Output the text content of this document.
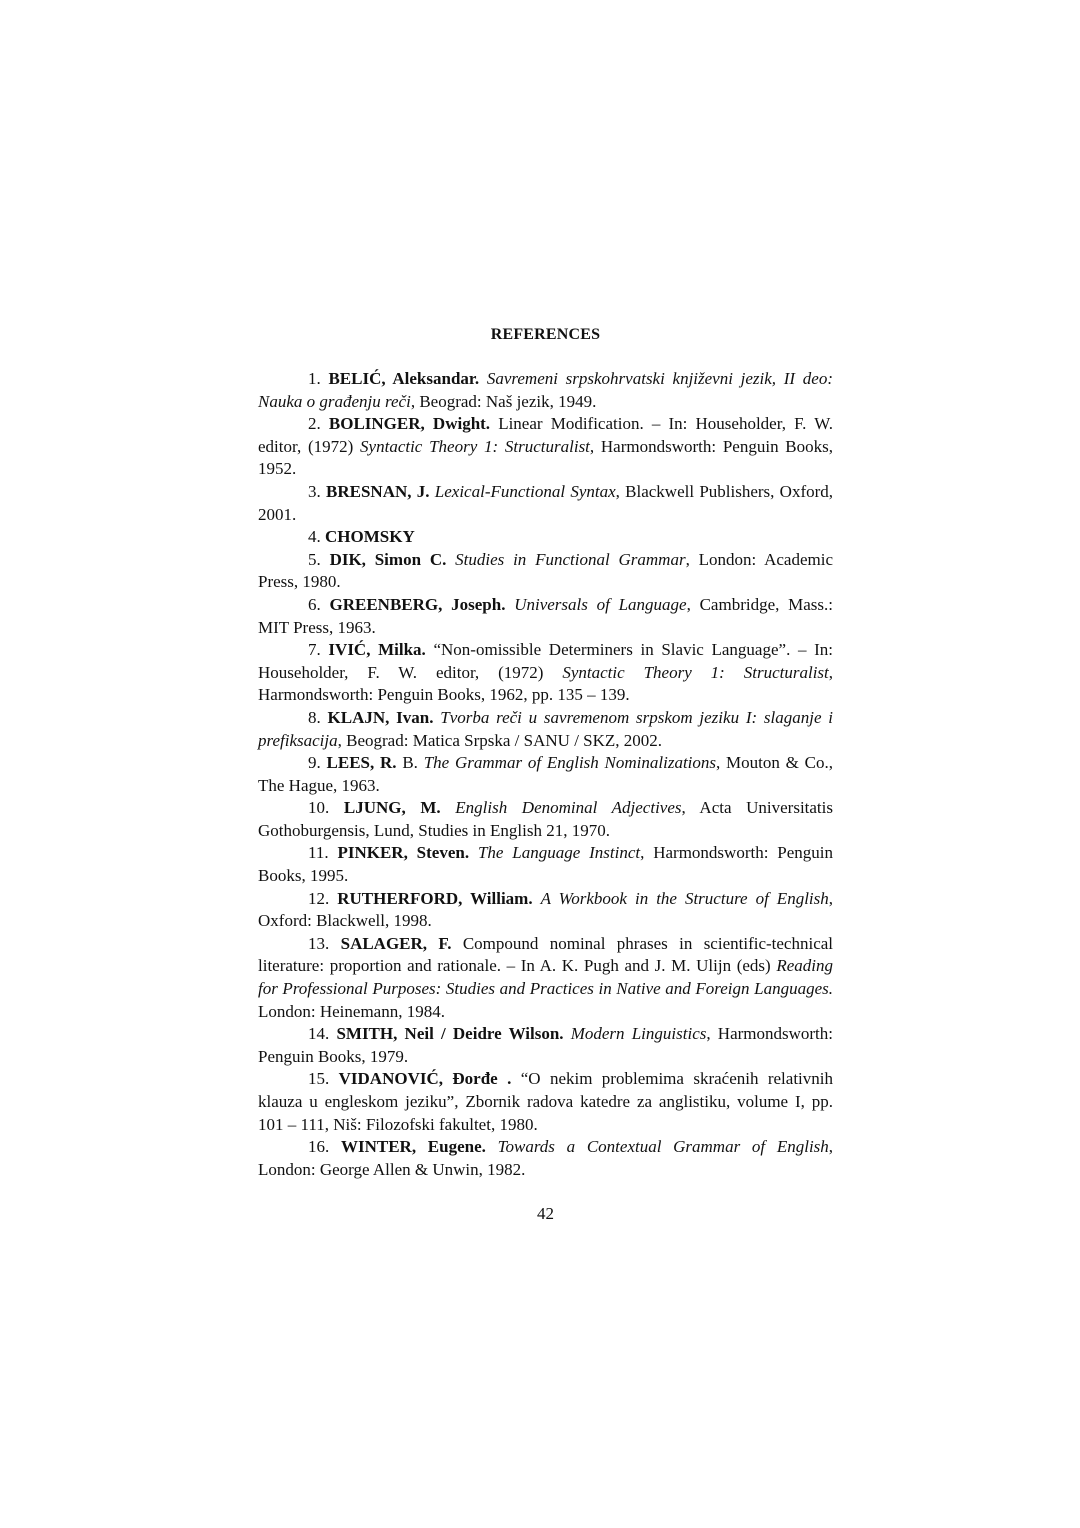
REFERENCES

1. BELIĆ, Aleksandar. Savremeni srpskohrvatski književni jezik, II deo: Nauka o građenju reči, Beograd: Naš jezik, 1949.

2. BOLINGER, Dwight. Linear Modification. – In: Householder, F. W. editor, (1972) Syntactic Theory 1: Structuralist, Harmondsworth: Penguin Books, 1952.

3. BRESNAN, J. Lexical-Functional Syntax, Blackwell Publishers, Oxford, 2001.

4. CHOMSKY

5. DIK, Simon C. Studies in Functional Grammar, London: Academic Press, 1980.

6. GREENBERG, Joseph. Universals of Language, Cambridge, Mass.: MIT Press, 1963.

7. IVIĆ, Milka. “Non-omissible Determiners in Slavic Language”. – In: Householder, F. W. editor, (1972) Syntactic Theory 1: Structuralist, Harmondsworth: Penguin Books, 1962, pp. 135 – 139.

8. KLAJN, Ivan. Tvorba reči u savremenom srpskom jeziku I: slaganje i prefiksacija, Beograd: Matica Srpska / SANU / SKZ, 2002.

9. LEES, R. B. The Grammar of English Nominalizations, Mouton & Co., The Hague, 1963.

10. LJUNG, M. English Denominal Adjectives, Acta Universitatis Gothoburgensis, Lund, Studies in English 21, 1970.

11. PINKER, Steven. The Language Instinct, Harmondsworth: Penguin Books, 1995.

12. RUTHERFORD, William. A Workbook in the Structure of English, Oxford: Blackwell, 1998.

13. SALAGER, F. Compound nominal phrases in scientific-technical literature: proportion and rationale. – In A. K. Pugh and J. M. Ulijn (eds) Reading for Professional Purposes: Studies and Practices in Native and Foreign Languages. London: Heinemann, 1984.

14. SMITH, Neil / Deidre Wilson. Modern Linguistics, Harmondsworth: Penguin Books, 1979.

15. VIDANOVIĆ, Đorđe . “O nekim problemima skraćenih relativnih klauza u engleskom jeziku”, Zbornik radova katedre za anglistiku, volume I, pp. 101 – 111, Niš: Filozofski fakultet, 1980.

16. WINTER, Eugene. Towards a Contextual Grammar of English, London: George Allen & Unwin, 1982.

42
